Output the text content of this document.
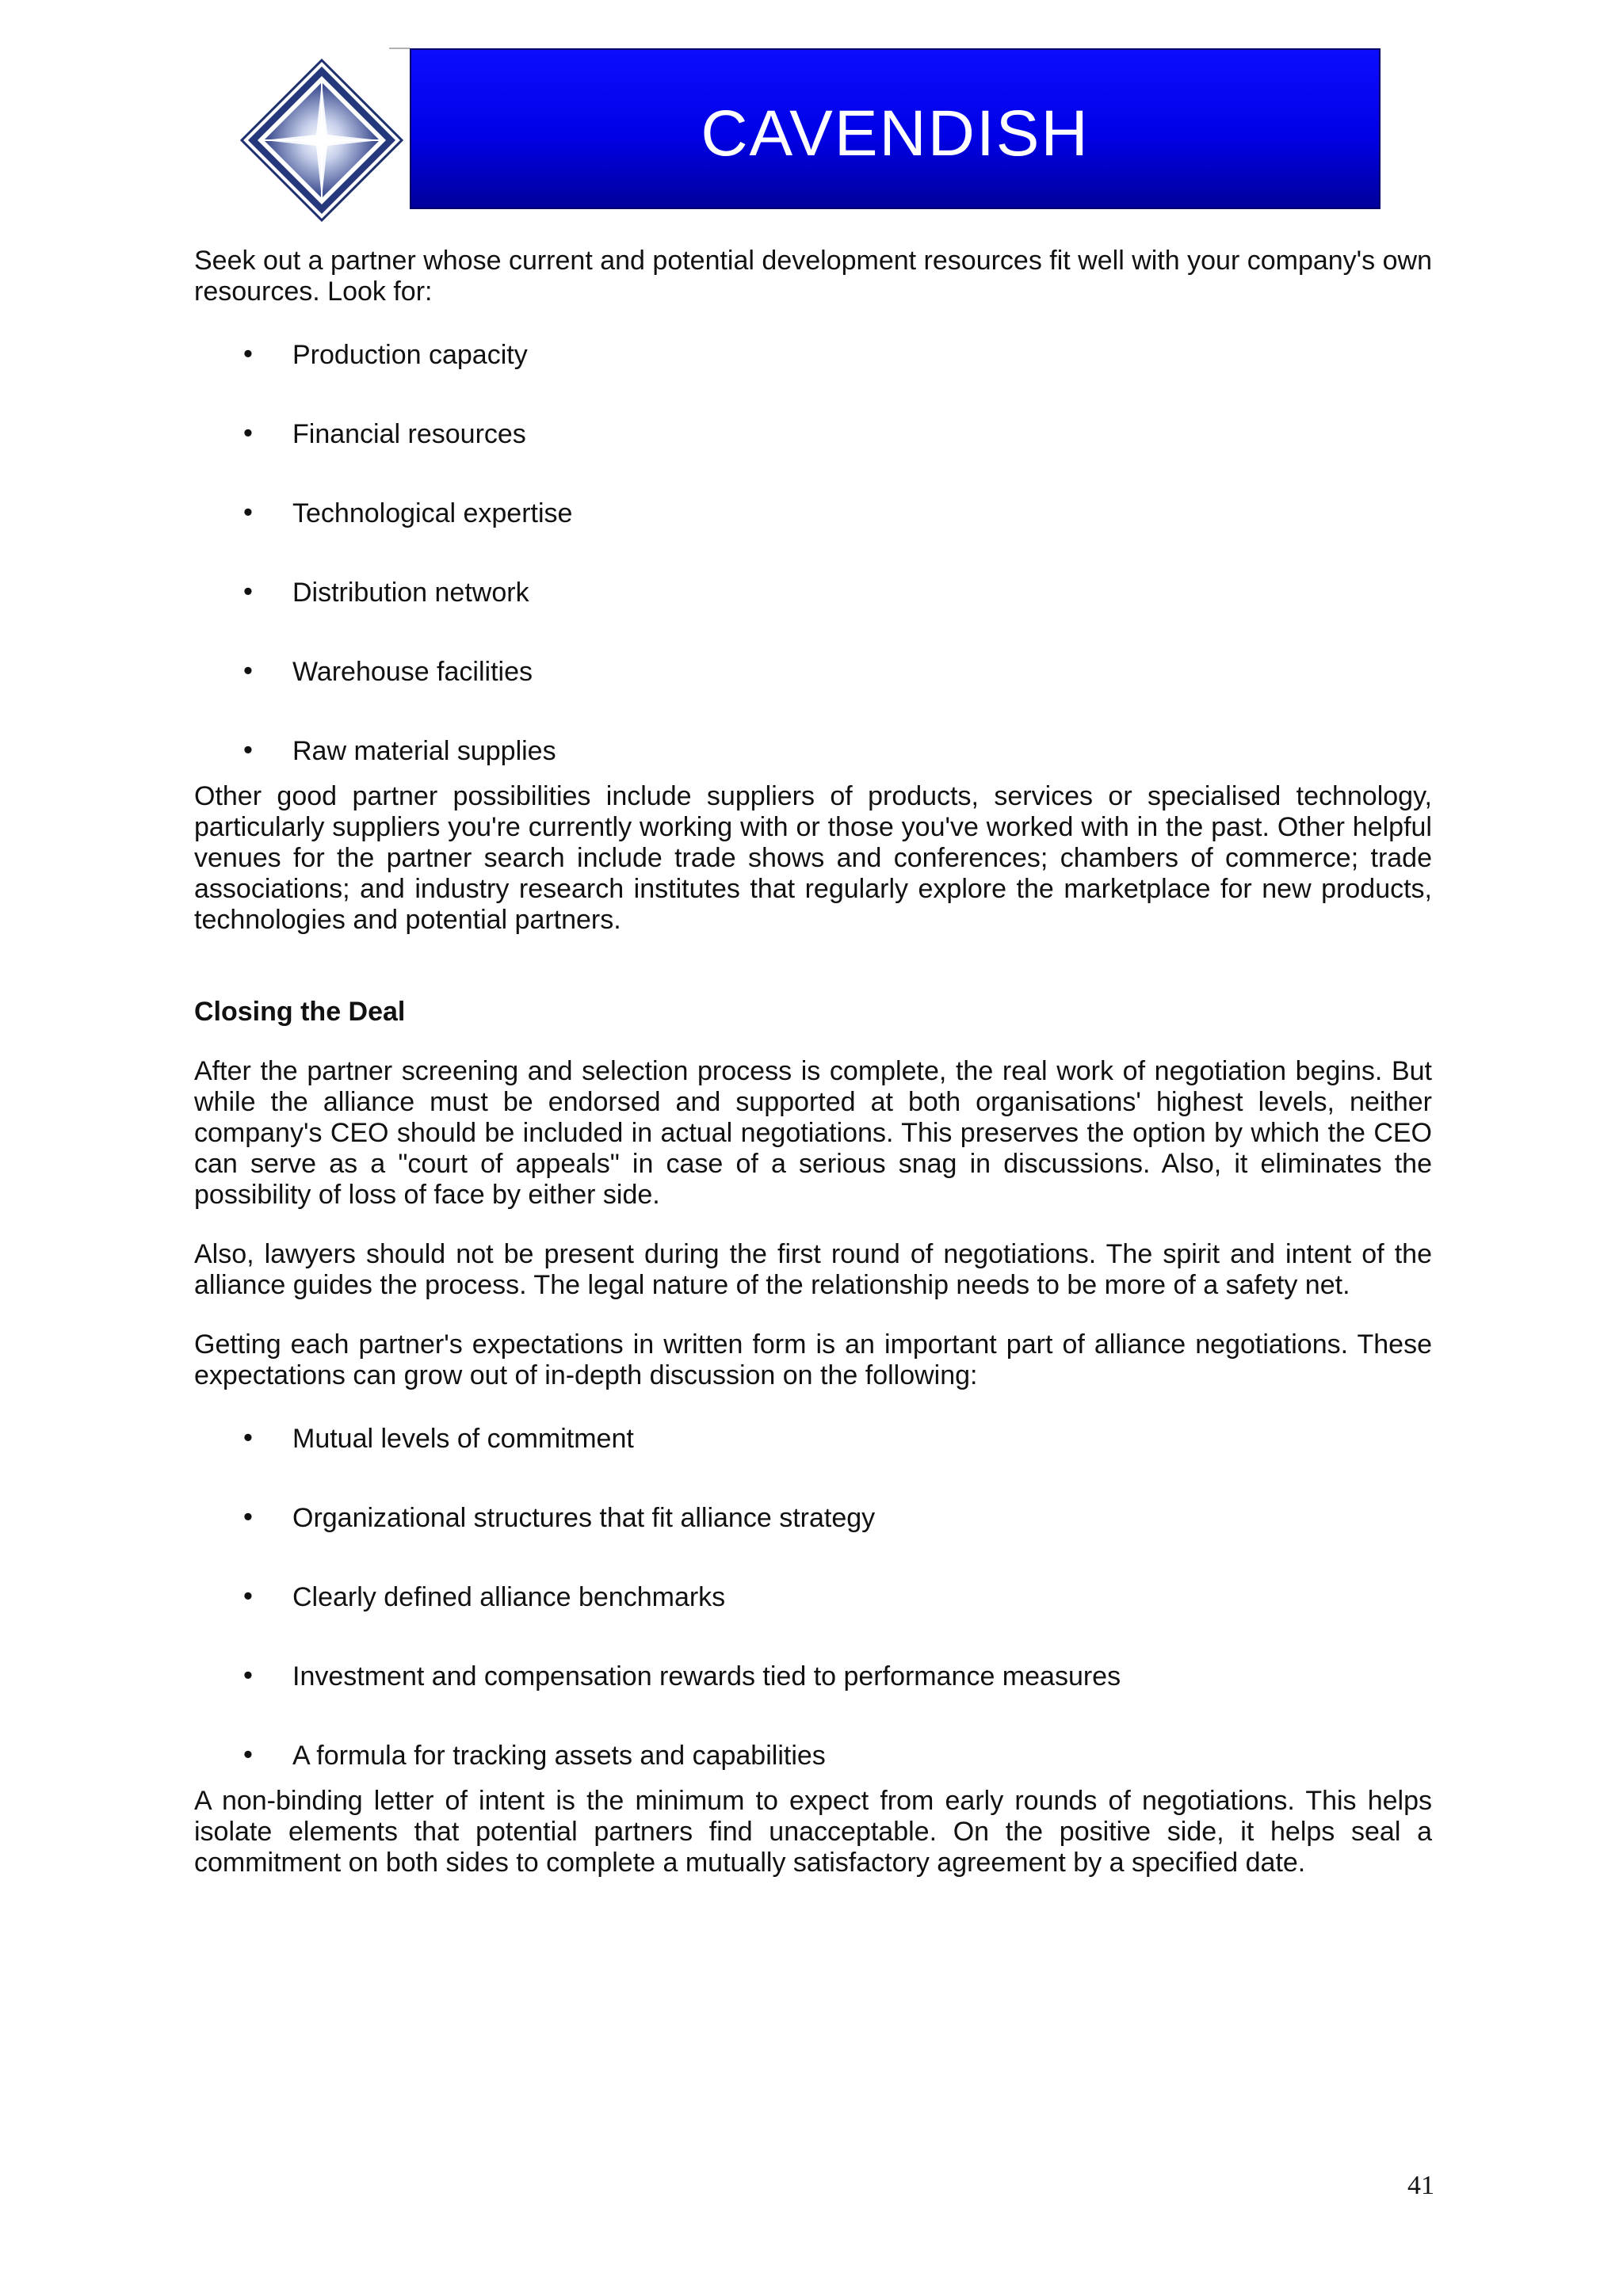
CAVENDISH

Seek out a partner whose current and potential development resources fit well with your company's own resources. Look for:

• Production capacity
• Financial resources
• Technological expertise
• Distribution network
• Warehouse facilities
• Raw material supplies

Other good partner possibilities include suppliers of products, services or specialised technology, particularly suppliers you're currently working with or those you've worked with in the past. Other helpful venues for the partner search include trade shows and conferences; chambers of commerce; trade associations; and industry research institutes that regularly explore the marketplace for new products, technologies and potential partners.

Closing the Deal

After the partner screening and selection process is complete, the real work of negotiation begins. But while the alliance must be endorsed and supported at both organisations' highest levels, neither company's CEO should be included in actual negotiations. This preserves the option by which the CEO can serve as a "court of appeals" in case of a serious snag in discussions. Also, it eliminates the possibility of loss of face by either side.

Also, lawyers should not be present during the first round of negotiations. The spirit and intent of the alliance guides the process. The legal nature of the relationship needs to be more of a safety net.

Getting each partner's expectations in written form is an important part of alliance negotiations. These expectations can grow out of in-depth discussion on the following:

• Mutual levels of commitment
• Organizational structures that fit alliance strategy
• Clearly defined alliance benchmarks
• Investment and compensation rewards tied to performance measures
• A formula for tracking assets and capabilities

A non-binding letter of intent is the minimum to expect from early rounds of negotiations. This helps isolate elements that potential partners find unacceptable. On the positive side, it helps seal a commitment on both sides to complete a mutually satisfactory agreement by a specified date.

41
